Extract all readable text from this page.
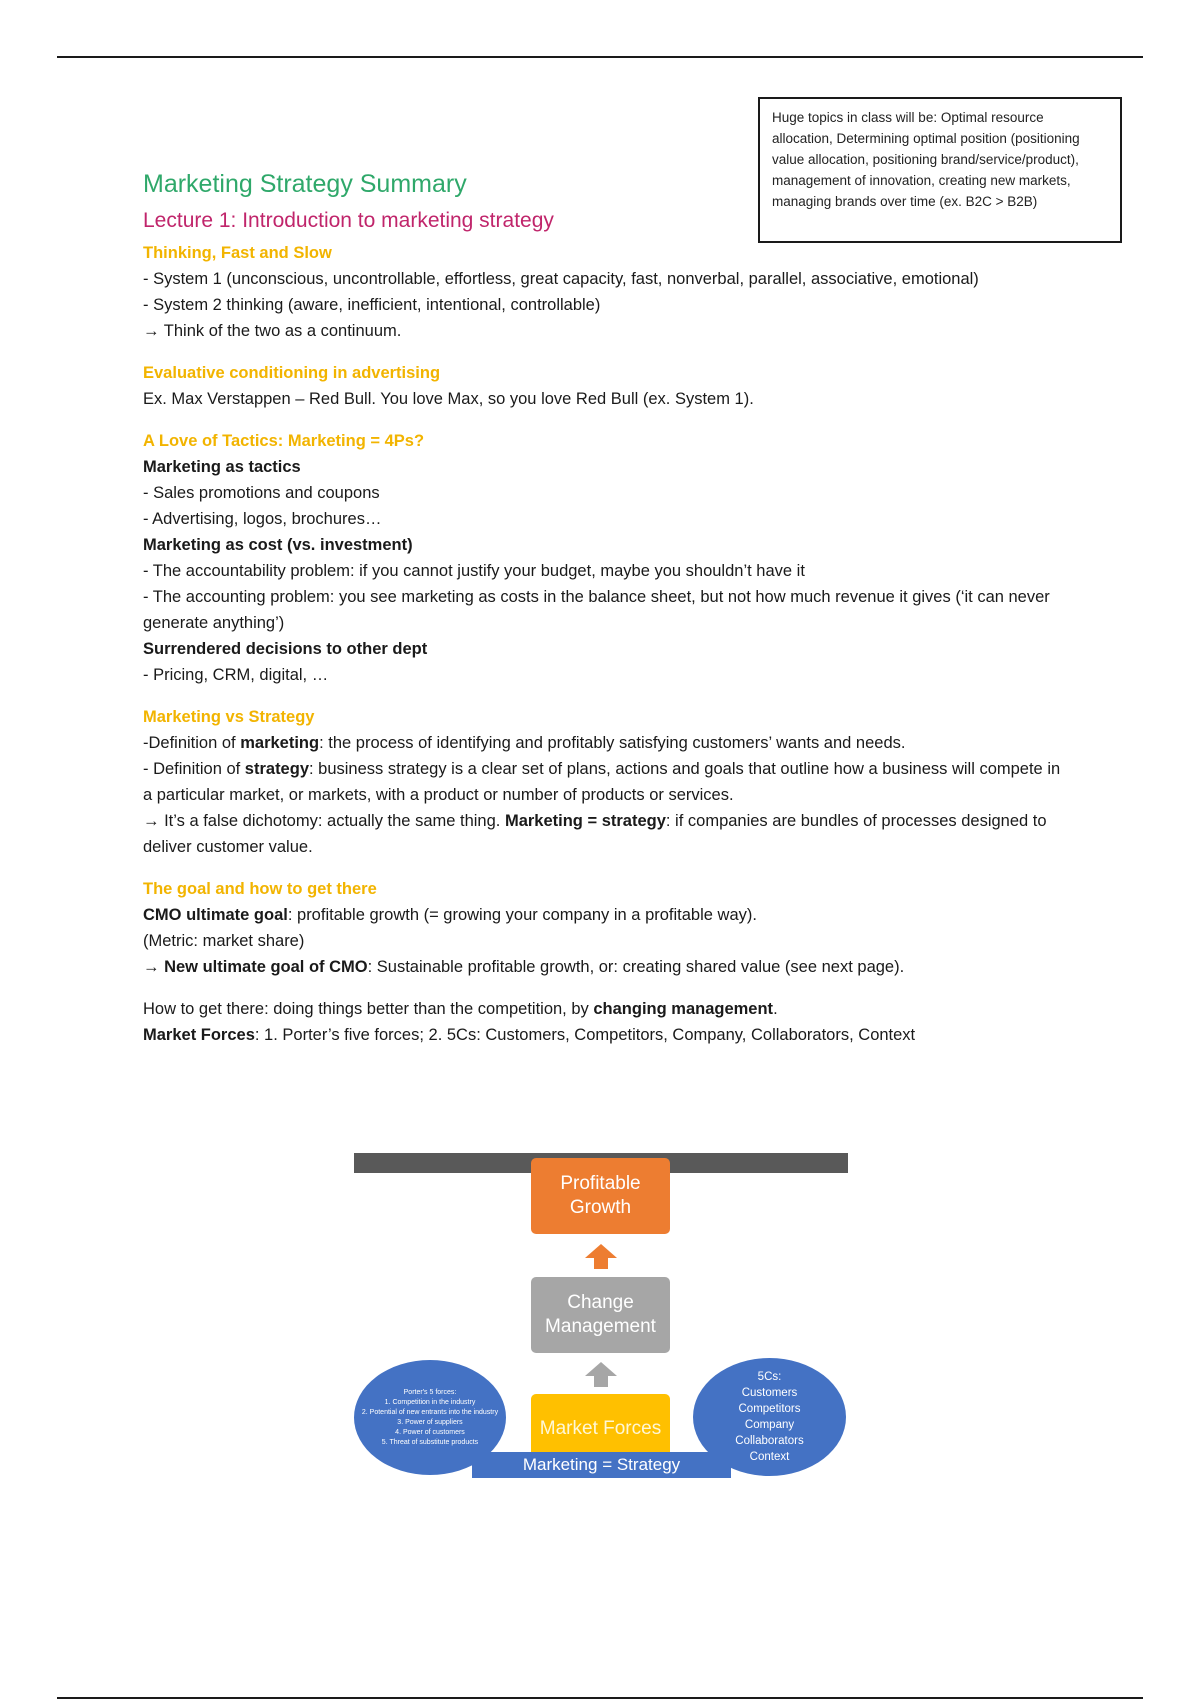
Huge topics in class will be: Optimal resource allocation, Determining optimal position (positioning value allocation, positioning brand/service/product), management of innovation, creating new markets, managing brands over time (ex. B2C > B2B)
Marketing Strategy Summary
Lecture 1: Introduction to marketing strategy

Thinking, Fast and Slow

- System 1 (unconscious, uncontrollable, effortless, great capacity, fast, nonverbal, parallel, associative, emotional)

- System 2 thinking (aware, inefficient, intentional, controllable)

→ Think of the two as a continuum.

Evaluative conditioning in advertising

Ex. Max Verstappen – Red Bull. You love Max, so you love Red Bull (ex. System 1).

A Love of Tactics: Marketing = 4Ps?

Marketing as tactics

- Sales promotions and coupons

- Advertising, logos, brochures…

Marketing as cost (vs. investment)

- The accountability problem: if you cannot justify your budget, maybe you shouldn’t have it

- The accounting problem: you see marketing as costs in the balance sheet, but not how much revenue it gives (‘it can never generate anything’)

Surrendered decisions to other dept

- Pricing, CRM, digital, …

Marketing vs Strategy

-Definition of marketing: the process of identifying and profitably satisfying customers’ wants and needs.

- Definition of strategy: business strategy is a clear set of plans, actions and goals that outline how a business will compete in a particular market, or markets, with a product or number of products or services.

→ It’s a false dichotomy: actually the same thing. Marketing = strategy: if companies are bundles of processes designed to deliver customer value.

The goal and how to get there

CMO ultimate goal: profitable growth (= growing your company in a profitable way).

(Metric: market share)

→ New ultimate goal of CMO: Sustainable profitable growth, or: creating shared value (see next page).

How to get there: doing things better than the competition, by changing management.

Market Forces: 1. Porter’s five forces; 2. 5Cs: Customers, Competitors, Company, Collaborators, Context

Profitable Growth
Change Management
Porter's 5 forces:
1. Competition in the industry
2. Potential of new entrants into the industry
3. Power of suppliers
4. Power of customers
5. Threat of substitute products
5Cs:
Customers
Competitors
Company
Collaborators
Context
Market Forces
Marketing = Strategy
